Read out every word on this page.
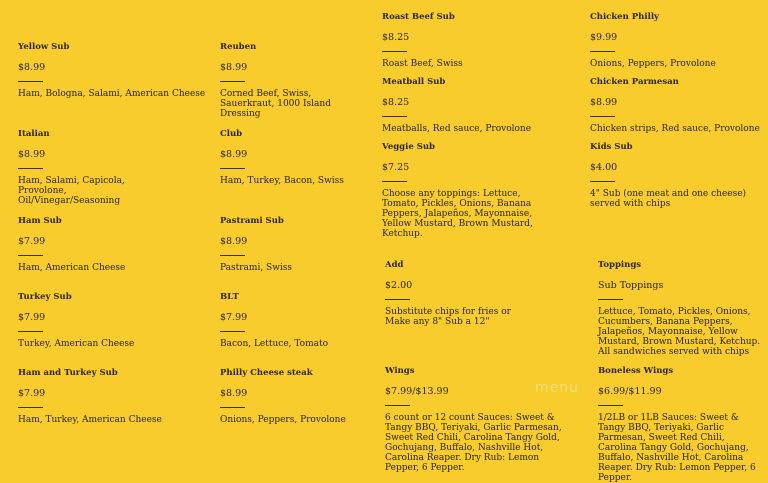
Yellow Sub
$8.99
Ham, Bologna, Salami, American Cheese
Italian
$8.99
Ham, Salami, Capicola, Provolone, Oil/Vinegar/Seasoning
Ham Sub
$7.99
Ham, American Cheese
Turkey Sub
$7.99
Turkey, American Cheese
Ham and Turkey Sub
$7.99
Ham, Turkey, American Cheese
Reuben
$8.99
Corned Beef, Swiss, Sauerkraut, 1000 Island Dressing
Club
$8.99
Ham, Turkey, Bacon, Swiss
Pastrami Sub
$8.99
Pastrami, Swiss
BLT
$7.99
Bacon, Lettuce, Tomato
Philly Cheese steak
$8.99
Onions, Peppers, Provolone
Roast Beef Sub
$8.25
Roast Beef, Swiss
Meatball Sub
$8.25
Meatballs, Red sauce, Provolone
Veggie Sub
$7.25
Choose any toppings: Lettuce, Tomato, Pickles, Onions, Banana Peppers, Jalapeños, Mayonnaise, Yellow Mustard, Brown Mustard, Ketchup.
Add
$2.00
Substitute chips for fries or Make any 8" Sub a 12"
Wings
$7.99/$13.99
6 count or 12 count Sauces: Sweet & Tangy BBQ, Teriyaki, Garlic Parmesan, Sweet Red Chili, Carolina Tangy Gold, Gochujang, Buffalo, Nashville Hot, Carolina Reaper. Dry Rub: Lemon Pepper, 6 Pepper.
Chicken Philly
$9.99
Onions, Peppers, Provolone
Chicken Parmesan
$8.99
Chicken strips, Red sauce, Provolone
Kids Sub
$4.00
4" Sub (one meat and one cheese) served with chips
Toppings
Sub Toppings
Lettuce, Tomato, Pickles, Onions, Cucumbers, Banana Peppers, Jalapeños, Mayonnaise, Yellow Mustard, Brown Mustard, Ketchup. All sandwiches served with chips
Boneless Wings
$6.99/$11.99
1/2LB or 1LB Sauces: Sweet & Tangy BBQ, Teriyaki, Garlic Parmesan, Sweet Red Chili, Carolina Tangy Gold, Gochujang, Buffalo, Nashville Hot, Carolina Reaper. Dry Rub: Lemon Pepper, 6 Pepper.
menu
